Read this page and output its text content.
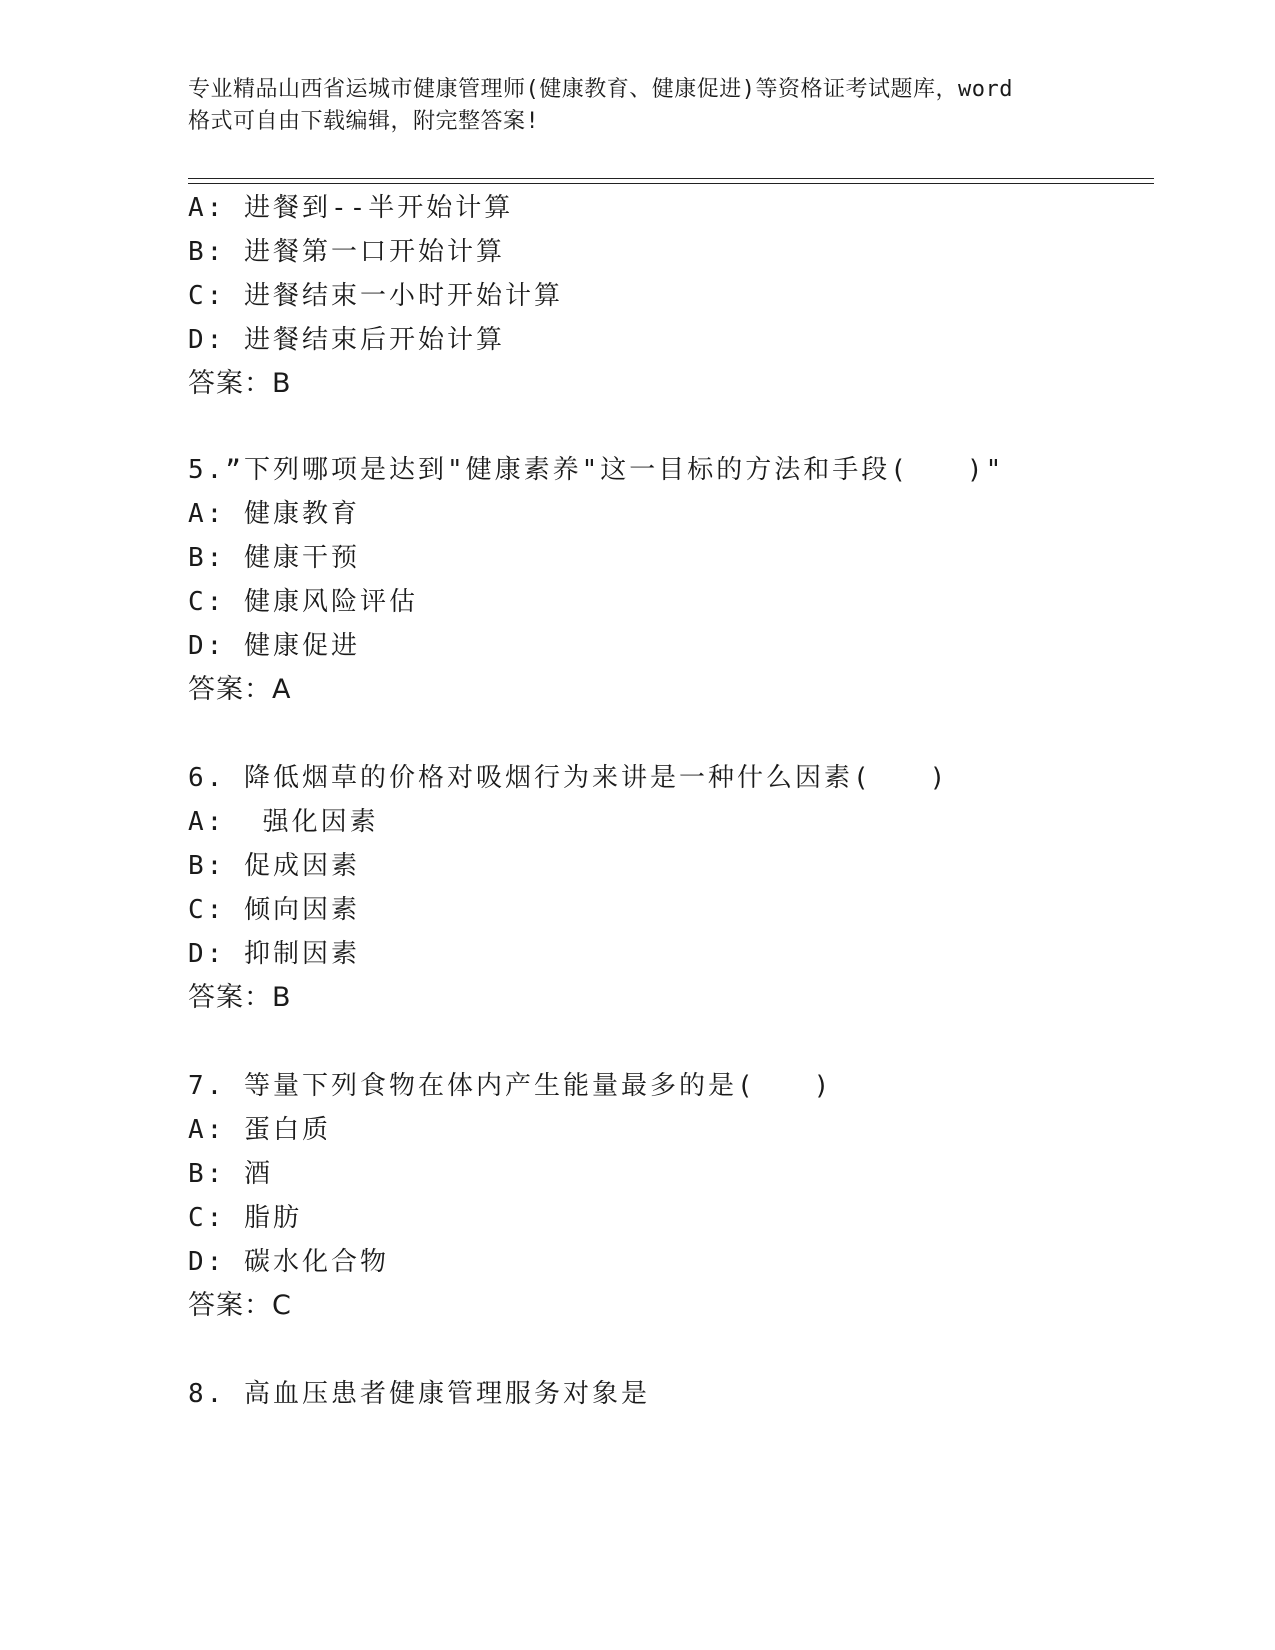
专业精品山西省运城市健康管理师(健康教育、健康促进)等资格证考试题库，word
格式可自由下载编辑，附完整答案!
A: 进餐到--半开始计算
B: 进餐第一口开始计算
C: 进餐结束一小时开始计算
D: 进餐结束后开始计算
答案：B
5.”下列哪项是达到"健康素养"这一目标的方法和手段(　　)"
A: 健康教育
B: 健康干预
C: 健康风险评估
D: 健康促进
答案：A
6. 降低烟草的价格对吸烟行为来讲是一种什么因素(　　)
A:  强化因素
B: 促成因素
C: 倾向因素
D: 抑制因素
答案：B
7. 等量下列食物在体内产生能量最多的是(　　)
A: 蛋白质
B: 酒
C: 脂肪
D: 碳水化合物
答案：C
8. 高血压患者健康管理服务对象是
